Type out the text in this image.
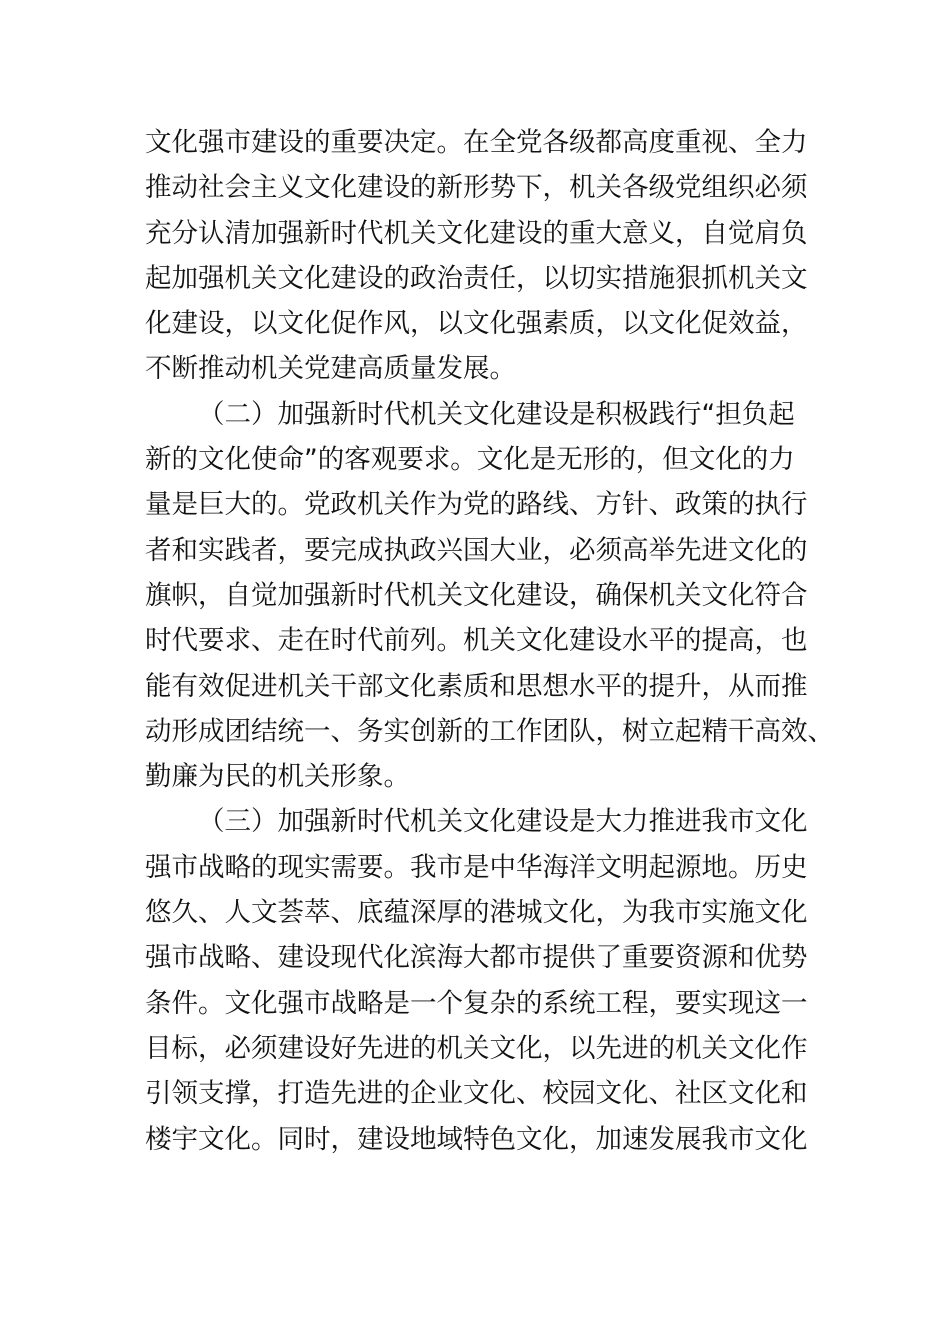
文化强市建设的重要决定。在全党各级都高度重视、全力
推动社会主义文化建设的新形势下，机关各级党组织必须
充分认清加强新时代机关文化建设的重大意义，自觉肩负
起加强机关文化建设的政治责任，以切实措施狠抓机关文
化建设，以文化促作风，以文化强素质，以文化促效益，
不断推动机关党建高质量发展。
（二）加强新时代机关文化建设是积极践行“担负起
新的文化使命”的客观要求。文化是无形的，但文化的力
量是巨大的。党政机关作为党的路线、方针、政策的执行
者和实践者，要完成执政兴国大业，必须高举先进文化的
旗帜，自觉加强新时代机关文化建设，确保机关文化符合
时代要求、走在时代前列。机关文化建设水平的提高，也
能有效促进机关干部文化素质和思想水平的提升，从而推
动形成团结统一、务实创新的工作团队，树立起精干高效、
勤廉为民的机关形象。
（三）加强新时代机关文化建设是大力推进我市文化
强市战略的现实需要。我市是中华海洋文明起源地。历史
悠久、人文荟萃、底蕴深厚的港城文化，为我市实施文化
强市战略、建设现代化滨海大都市提供了重要资源和优势
条件。文化强市战略是一个复杂的系统工程，要实现这一
目标，必须建设好先进的机关文化，以先进的机关文化作
引领支撑，打造先进的企业文化、校园文化、社区文化和
楼宇文化。同时，建设地域特色文化，加速发展我市文化
